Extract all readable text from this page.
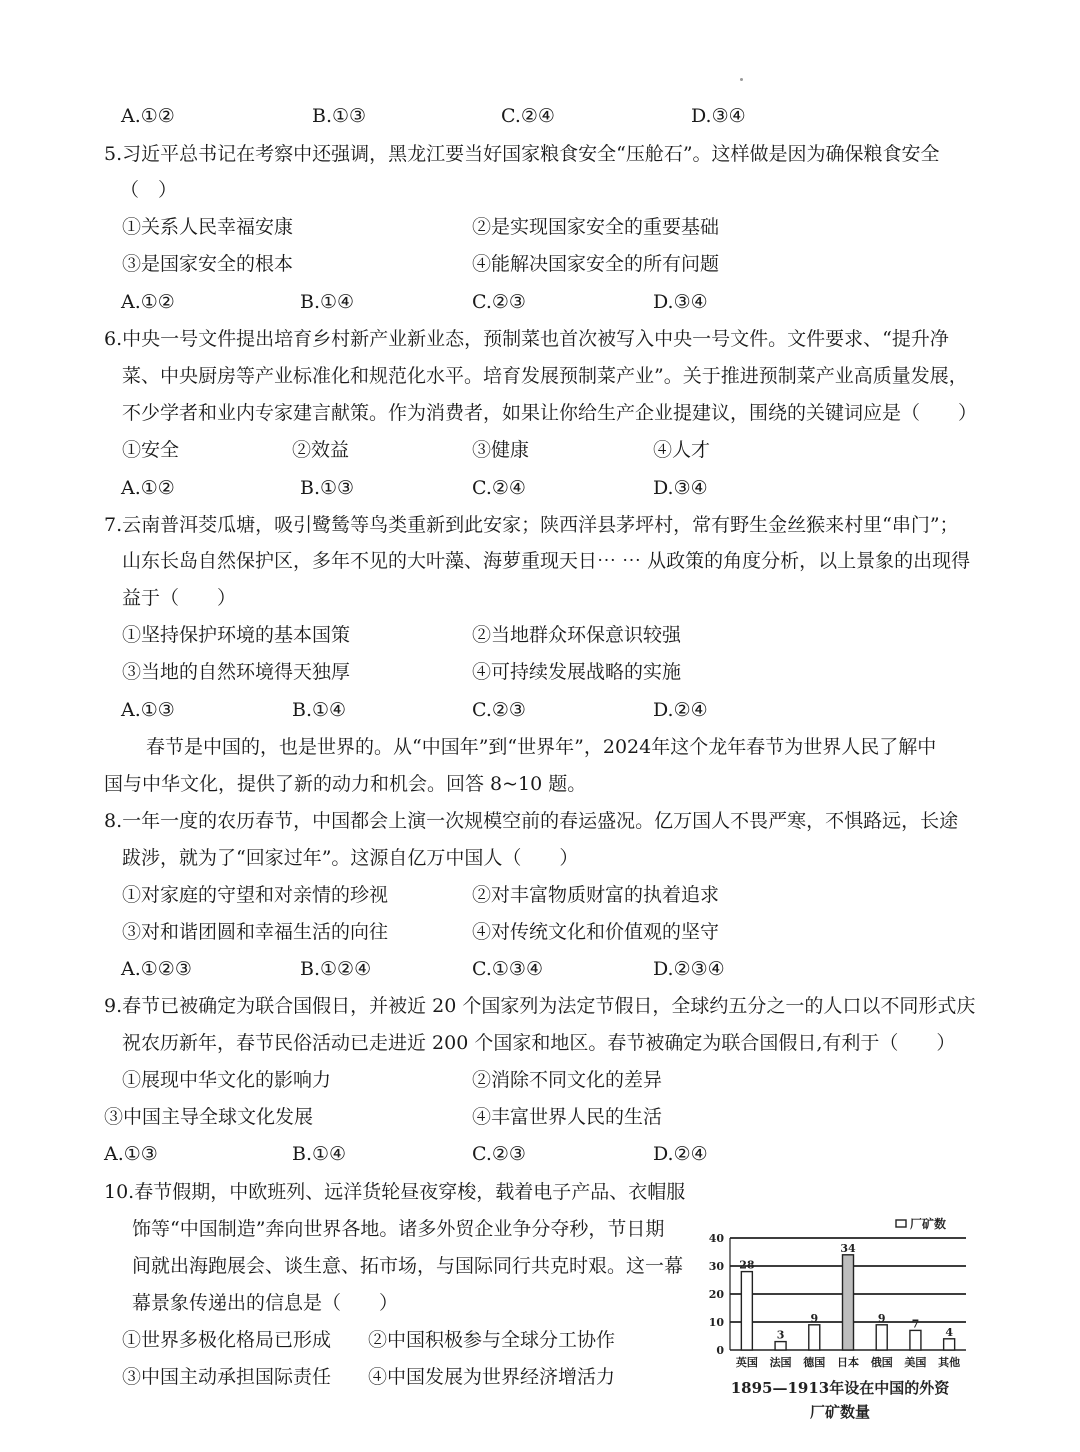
A.①②	B.①③	C.②④	D.③④
5.习近平总书记在考察中还强调，黑龙江要当好国家粮食安全“压舱石”。这样做是因为确保粮食安全
（　）
①关系人民幸福安康	②是实现国家安全的重要基础
③是国家安全的根本	④能解决国家安全的所有问题
A.①②	B.①④	C.②③	D.③④
6.中央一号文件提出培育乡村新产业新业态，预制菜也首次被写入中央一号文件。文件要求、“提升净
菜、中央厨房等产业标准化和规范化水平。培育发展预制菜产业”。关于推进预制菜产业高质量发展，
不少学者和业内专家建言献策。作为消费者，如果让你给生产企业提建议，围绕的关键词应是（　　）
①安全	②效益	③健康	④人才
A.①②	B.①③	C.②④	D.③④
7.云南普洱茭瓜塘，吸引鹭鸶等鸟类重新到此安家；陕西洋县茅坪村，常有野生金丝猴来村里“串门”；
山东长岛自然保护区，多年不见的大叶藻、海萝重现天日⋯ ⋯ 从政策的角度分析，以上景象的出现得
益于（　　）
①坚持保护环境的基本国策	②当地群众环保意识较强
③当地的自然环境得天独厚	④可持续发展战略的实施
A.①③	B.①④	C.②③	D.②④
春节是中国的，也是世界的。从“中国年”到“世界年”，2024年这个龙年春节为世界人民了解中
国与中华文化，提供了新的动力和机会。回答 8~10 题。
8.一年一度的农历春节，中国都会上演一次规模空前的春运盛况。亿万国人不畏严寒，不惧路远，长途
跋涉，就为了“回家过年”。这源自亿万中国人（　　）
①对家庭的守望和对亲情的珍视	②对丰富物质财富的执着追求
③对和谐团圆和幸福生活的向往	④对传统文化和价值观的坚守
A.①②③	B.①②④	C.①③④	D.②③④
9.春节已被确定为联合国假日，并被近 20 个国家列为法定节假日，全球约五分之一的人口以不同形式庆
祝农历新年，春节民俗活动已走进近 200 个国家和地区。春节被确定为联合国假日,有利于（　　）
①展现中华文化的影响力	②消除不同文化的差异
③中国主导全球文化发展	④丰富世界人民的生活
A.①③	B.①④	C.②③	D.②④
10.春节假期，中欧班列、远洋货轮昼夜穿梭，载着电子产品、衣帽服
饰等“中国制造”奔向世界各地。诸多外贸企业争分夺秒，节日期
间就出海跑展会、谈生意、拓市场，与国际同行共克时艰。这一幕
幕景象传递出的信息是（　　）
①世界多极化格局已形成 ②中国积极参与全球分工协作
③中国主动承担国际责任 ④中国发展为世界经济增活力
40
30
20
10
0
厂矿数
28
英国
3
法国
9
德国
34
日本
9
俄国
7
美国
4
其他
1895—1913年设在中国的外资
厂矿数量
